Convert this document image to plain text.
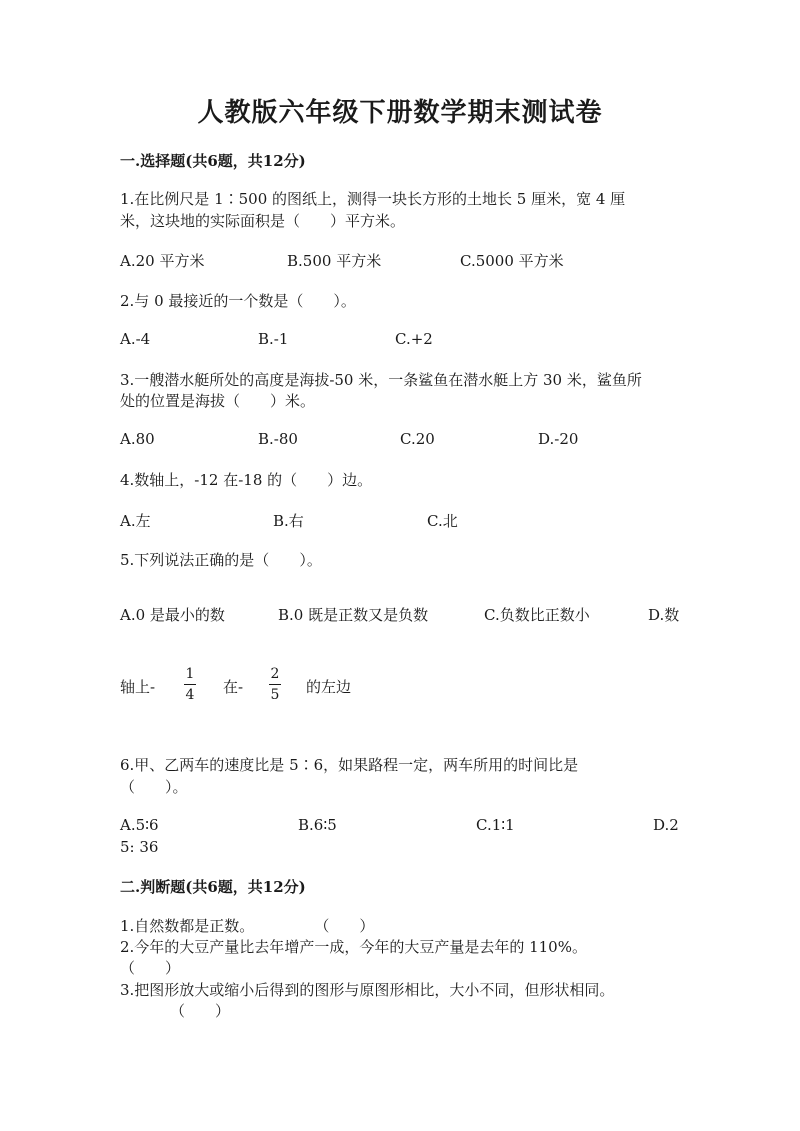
人教版六年级下册数学期末测试卷
一.选择题(共6题，共12分)
1.在比例尺是 1∶500 的图纸上，测得一块长方形的土地长 5 厘米，宽 4 厘
米，这块地的实际面积是（　　）平方米。
A.20 平方米	B.500 平方米	C.5000 平方米
2.与 0 最接近的一个数是（　　）。
A.-4	B.-1	C.+2
3.一艘潜水艇所处的高度是海拔-50 米，一条鲨鱼在潜水艇上方 30 米，鲨鱼所
处的位置是海拔（　　）米。
A.80	B.-80	C.20	D.-20
4.数轴上，-12 在-18 的（　　）边。
A.左	B.右	C.北
5.下列说法正确的是（　　）。
A.0 是最小的数	B.0 既是正数又是负数	C.负数比正数小	D.数
轴上-
1
4 在-
2
5 的左边
6.甲、乙两车的速度比是 5∶6，如果路程一定，两车所用的时间比是
（　　）。
A.5∶6	B.6∶5	C.1∶1	D.2
5: 36
二.判断题(共6题，共12分)
1.自然数都是正数。　　　　　（　　）
2.今年的大豆产量比去年增产一成，今年的大豆产量是去年的 110%。
（　　）
3.把图形放大或缩小后得到的图形与原图形相比，大小不同，但形状相同。
（　　）
